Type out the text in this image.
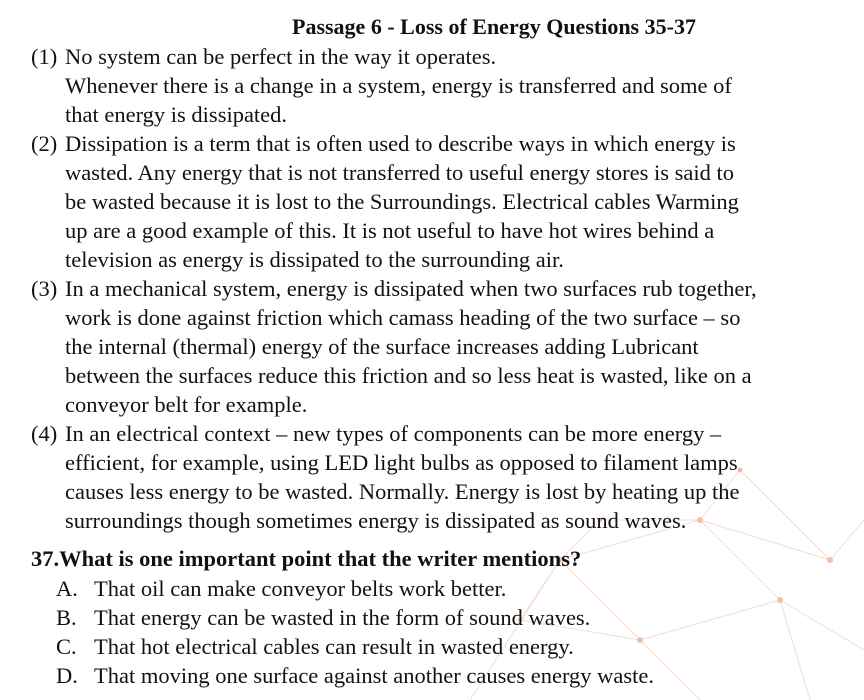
Passage 6 - Loss of Energy Questions 35-37
(1) No system can be perfect in the way it operates.
Whenever there is a change in a system, energy is transferred and some of
that energy is dissipated.
(2) Dissipation is a term that is often used to describe ways in which energy is
wasted. Any energy that is not transferred to useful energy stores is said to
be wasted because it is lost to the Surroundings. Electrical cables Warming
up are a good example of this. It is not useful to have hot wires behind a
television as energy is dissipated to the surrounding air.
(3) In a mechanical system, energy is dissipated when two surfaces rub together,
work is done against friction which camass heading of the two surface – so
the internal (thermal) energy of the surface increases adding Lubricant
between the surfaces reduce this friction and so less heat is wasted, like on a
conveyor belt for example.
(4) In an electrical context – new types of components can be more energy –
efficient, for example, using LED light bulbs as opposed to filament lamps
causes less energy to be wasted. Normally. Energy is lost by heating up the
surroundings though sometimes energy is dissipated as sound waves.
37.What is one important point that the writer mentions?
A. That oil can make conveyor belts work better.
B. That energy can be wasted in the form of sound waves.
C. That hot electrical cables can result in wasted energy.
D. That moving one surface against another causes energy waste.
